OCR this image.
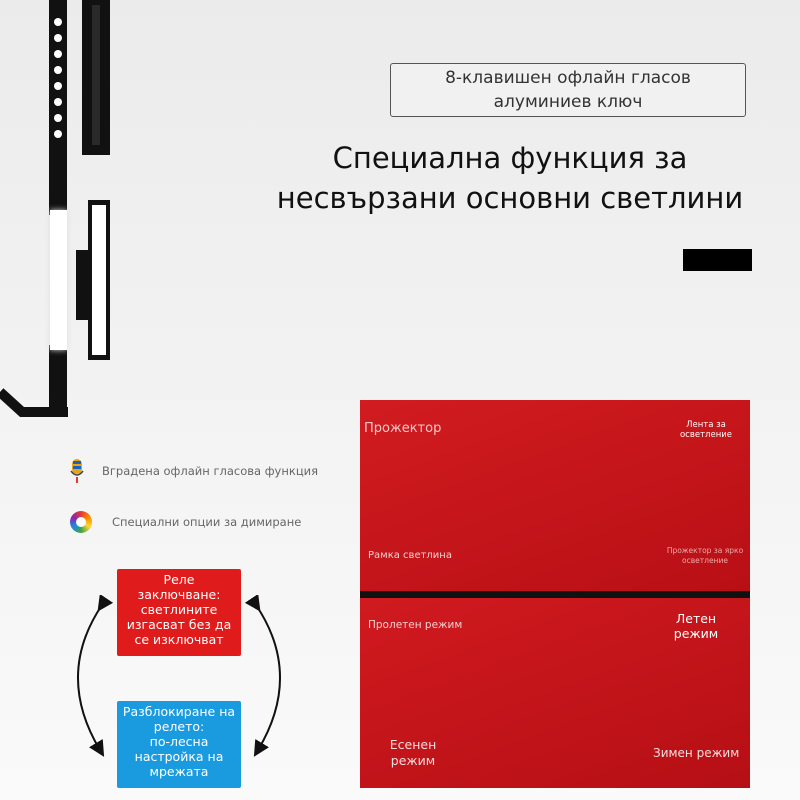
8-клавишен офлайн гласов
алуминиев ключ
Специална функция за
несвързани основни светлини
Вградена офлайн гласова функция
Специални опции за димиране
Реле
заключване:
светлините
изгасват без да
се изключват
Разблокиране на
релето:
по-лесна
настройка на
мрежата
Прожектор	Лента за
осветление
Рамка светлина	Прожектор за ярко
осветление
Пролетен режим	Летен
режим
Есенен
режим	Зимен режим
